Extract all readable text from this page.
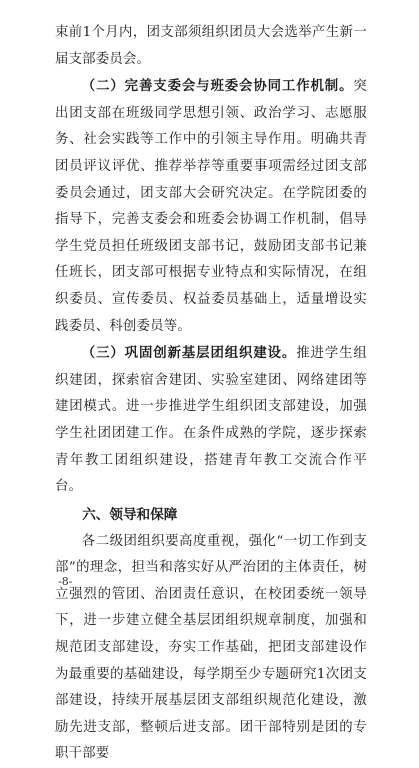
束前1个月内，团支部须组织团员大会选举产生新一届支部委员会。

（二）完善支委会与班委会协同工作机制。突出团支部在班级同学思想引领、政治学习、志愿服务、社会实践等工作中的引领主导作用。明确共青团员评议评优、推荐举荐等重要事项需经过团支部委员会通过，团支部大会研究决定。在学院团委的指导下，完善支委会和班委会协调工作机制，倡导学生党员担任班级团支部书记，鼓励团支部书记兼任班长，团支部可根据专业特点和实际情况，在组织委员、宣传委员、权益委员基础上，适量增设实践委员、科创委员等。

（三）巩固创新基层团组织建设。推进学生组织建团，探索宿舍建团、实验室建团、网络建团等建团模式。进一步推进学生组织团支部建设，加强学生社团团建工作。在条件成熟的学院，逐步探索青年教工团组织建设，搭建青年教工交流合作平台。

六、领导和保障

各二级团组织要高度重视，强化“一切工作到支部”的理念，担当和落实好从严治团的主体责任，树立强烈的管团、治团责任意识，在校团委统一领导下，进一步建立健全基层团组织规章制度，加强和规范团支部建设，夯实工作基础，把团支部建设作为最重要的基础建设，每学期至少专题研究1次团支部建设，持续开展基层团支部组织规范化建设，激励先进支部，整顿后进支部。团干部特别是团的专职干部要

-8-
